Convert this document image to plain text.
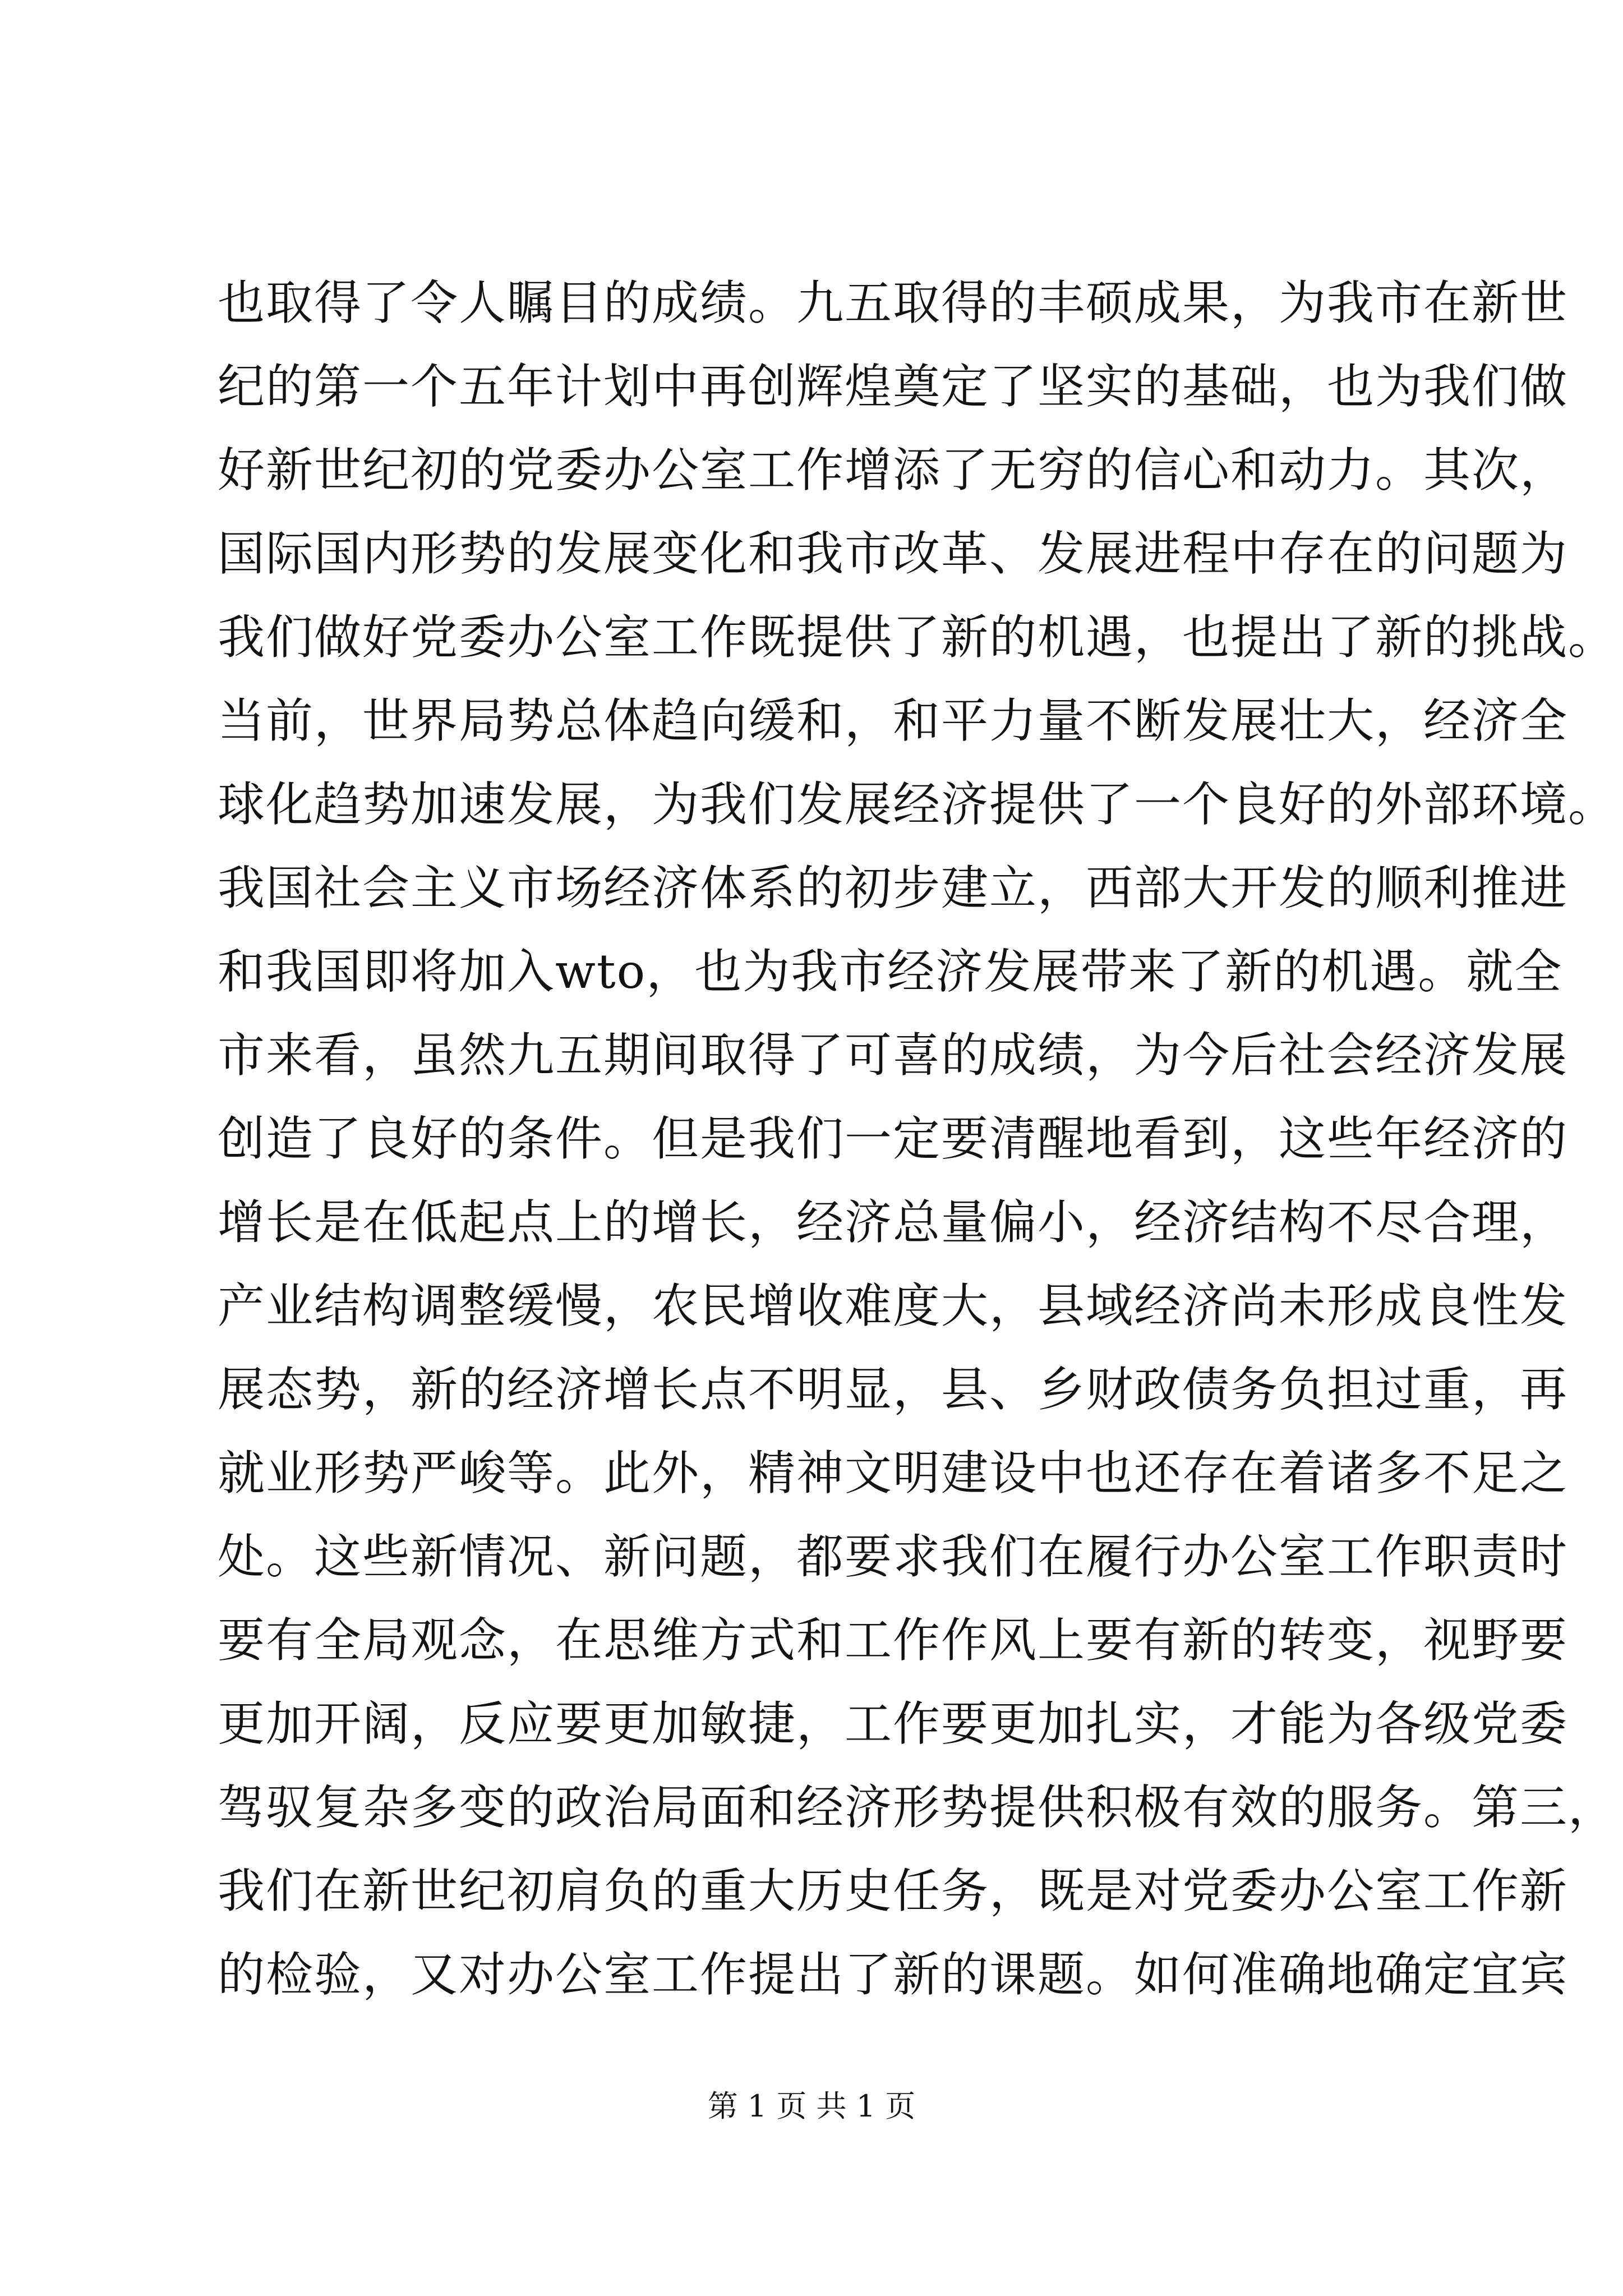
也取得了令人瞩目的成绩。九五取得的丰硕成果，为我市在新世
纪的第一个五年计划中再创辉煌奠定了坚实的基础，也为我们做
好新世纪初的党委办公室工作增添了无穷的信心和动力。其次，
国际国内形势的发展变化和我市改革、发展进程中存在的问题为
我们做好党委办公室工作既提供了新的机遇，也提出了新的挑战。
当前，世界局势总体趋向缓和，和平力量不断发展壮大，经济全
球化趋势加速发展，为我们发展经济提供了一个良好的外部环境。
我国社会主义市场经济体系的初步建立，西部大开发的顺利推进
和我国即将加入wto，也为我市经济发展带来了新的机遇。就全
市来看，虽然九五期间取得了可喜的成绩，为今后社会经济发展
创造了良好的条件。但是我们一定要清醒地看到，这些年经济的
增长是在低起点上的增长，经济总量偏小，经济结构不尽合理，
产业结构调整缓慢，农民增收难度大，县域经济尚未形成良性发
展态势，新的经济增长点不明显，县、乡财政债务负担过重，再
就业形势严峻等。此外，精神文明建设中也还存在着诸多不足之
处。这些新情况、新问题，都要求我们在履行办公室工作职责时
要有全局观念，在思维方式和工作作风上要有新的转变，视野要
更加开阔，反应要更加敏捷，工作要更加扎实，才能为各级党委
驾驭复杂多变的政治局面和经济形势提供积极有效的服务。第三，
我们在新世纪初肩负的重大历史任务，既是对党委办公室工作新
的检验，又对办公室工作提出了新的课题。如何准确地确定宜宾
第 1 页 共 1 页
